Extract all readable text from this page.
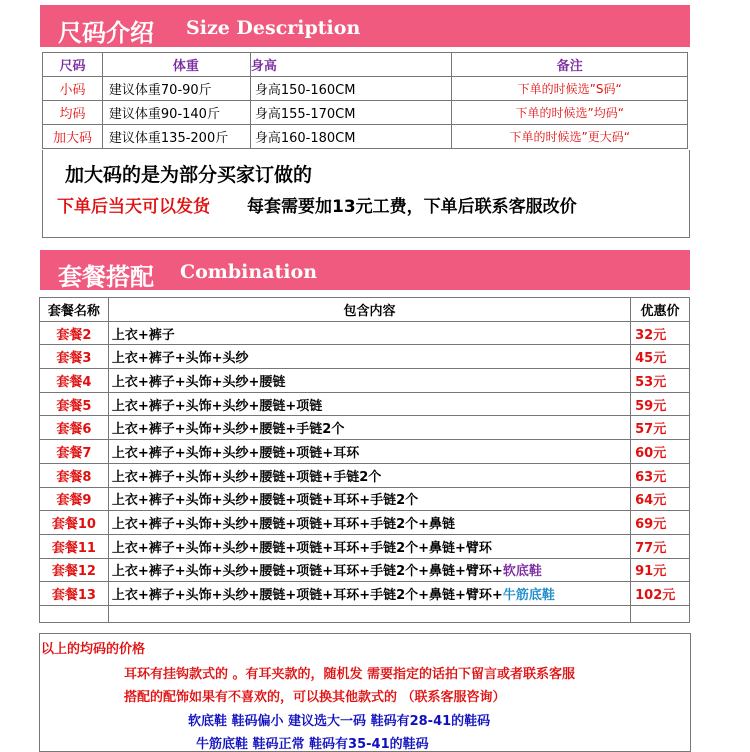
尺码介绍 Size Description
尺码	体重	身高	备注
小码	建议体重70-90斤	身高150-160CM	下单的时候选”S码“
均码	建议体重90-140斤	身高155-170CM	下单的时候选”均码“
加大码	建议体重135-200斤	身高160-180CM	下单的时候选”更大码“
加大码的是为部分买家订做的
下单后当天可以发货 每套需要加13元工费，下单后联系客服改价
套餐搭配 Combination
套餐名称	包含内容	优惠价
套餐2	上衣+裤子	32元
套餐3	上衣+裤子+头饰+头纱	45元
套餐4	上衣+裤子+头饰+头纱+腰链	53元
套餐5	上衣+裤子+头饰+头纱+腰链+项链	59元
套餐6	上衣+裤子+头饰+头纱+腰链+手链2个	57元
套餐7	上衣+裤子+头饰+头纱+腰链+项链+耳环	60元
套餐8	上衣+裤子+头饰+头纱+腰链+项链+手链2个	63元
套餐9	上衣+裤子+头饰+头纱+腰链+项链+耳环+手链2个	64元
套餐10	上衣+裤子+头饰+头纱+腰链+项链+耳环+手链2个+鼻链	69元
套餐11	上衣+裤子+头饰+头纱+腰链+项链+耳环+手链2个+鼻链+臂环	77元
套餐12	上衣+裤子+头饰+头纱+腰链+项链+耳环+手链2个+鼻链+臂环+软底鞋	91元
套餐13	上衣+裤子+头饰+头纱+腰链+项链+耳环+手链2个+鼻链+臂环+牛筋底鞋	102元

以上的均码的价格
耳环有挂钩款式的 。有耳夹款的，随机发 需要指定的话拍下留言或者联系客服
搭配的配饰如果有不喜欢的，可以换其他款式的 （联系客服咨询）
软底鞋 鞋码偏小 建议选大一码 鞋码有28-41的鞋码
牛筋底鞋 鞋码正常 鞋码有35-41的鞋码
